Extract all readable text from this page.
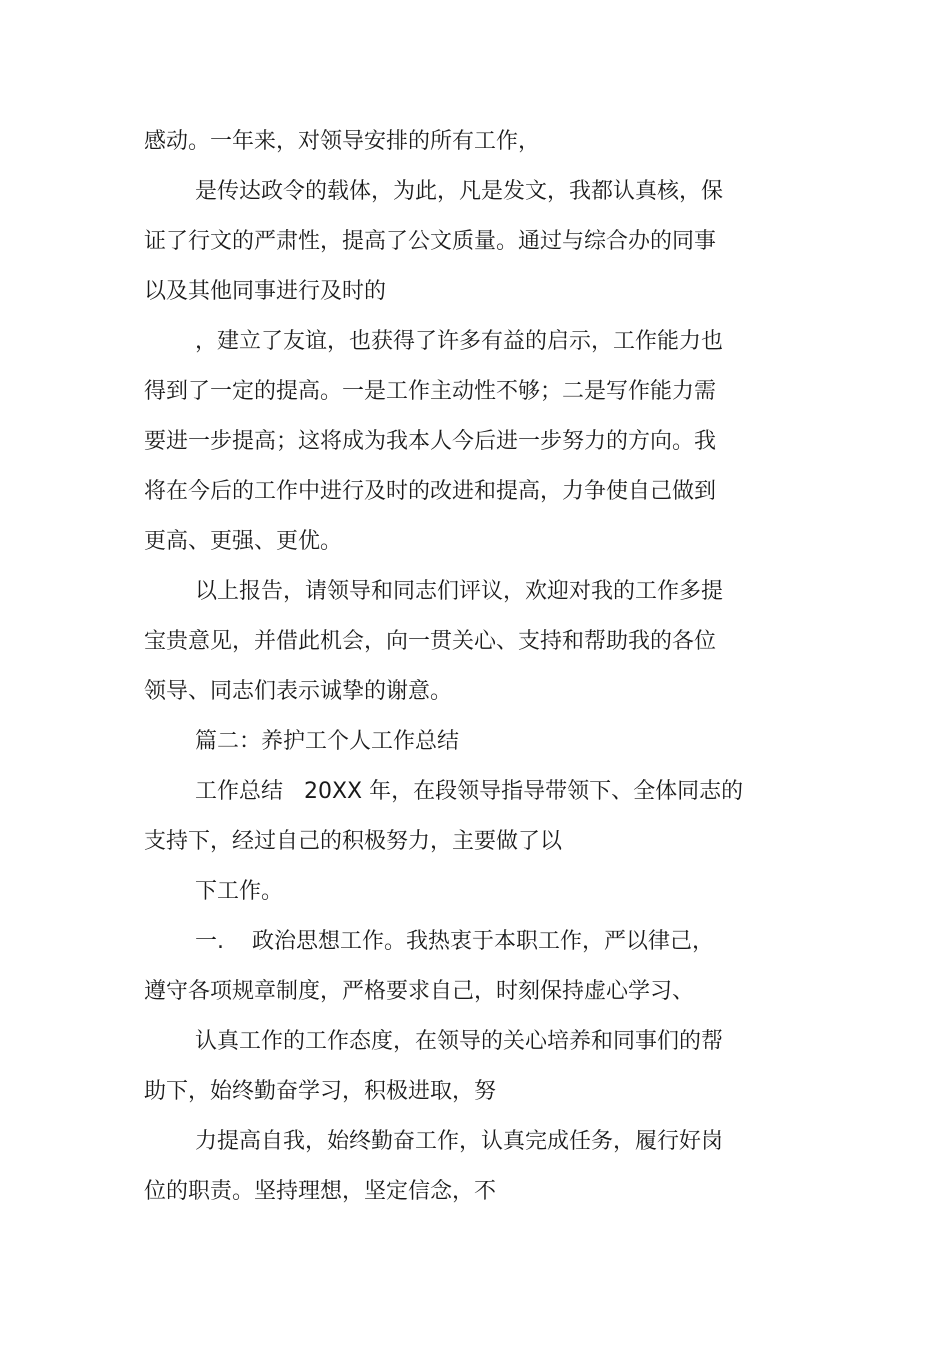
感动。一年来，对领导安排的所有工作，
是传达政令的载体，为此，凡是发文，我都认真核，保
证了行文的严肃性，提高了公文质量。通过与综合办的同事
以及其他同事进行及时的
，建立了友谊，也获得了许多有益的启示，工作能力也
得到了一定的提高。一是工作主动性不够；二是写作能力需
要进一步提高；这将成为我本人今后进一步努力的方向。我
将在今后的工作中进行及时的改进和提高，力争使自己做到
更高、更强、更优。
以上报告，请领导和同志们评议，欢迎对我的工作多提
宝贵意见，并借此机会，向一贯关心、支持和帮助我的各位
领导、同志们表示诚挚的谢意。
篇二：养护工个人工作总结
工作总结   20XX 年，在段领导指导带领下、全体同志的
支持下，经过自己的积极努力，主要做了以
下工作。
一.    政治思想工作。我热衷于本职工作，严以律己，
遵守各项规章制度，严格要求自己，时刻保持虚心学习、
认真工作的工作态度，在领导的关心培养和同事们的帮
助下，始终勤奋学习，积极进取，努
力提高自我，始终勤奋工作，认真完成任务，履行好岗
位的职责。坚持理想，坚定信念，不
